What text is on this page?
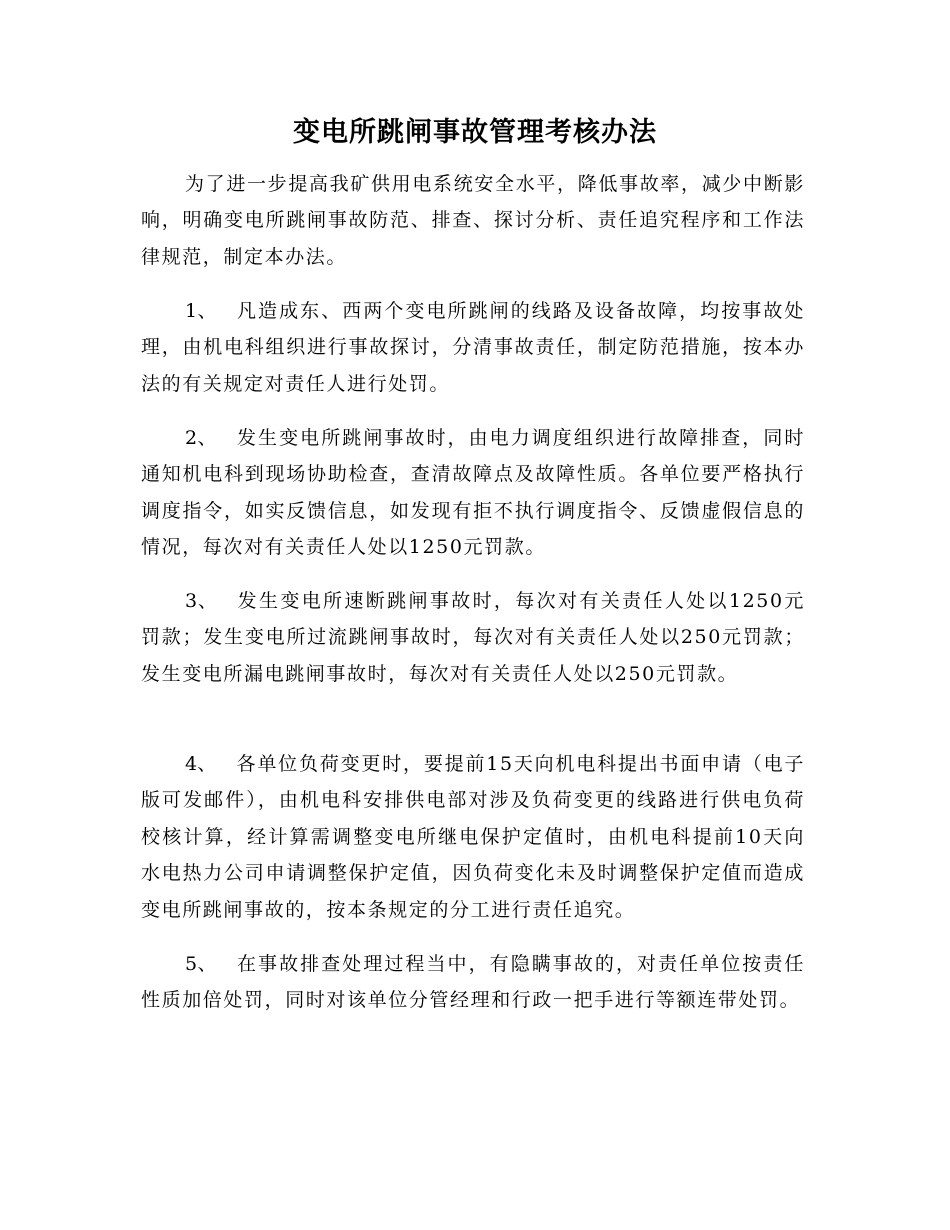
变电所跳闸事故管理考核办法

为了进一步提高我矿供用电系统安全水平，降低事故率，减少中断影响，明确变电所跳闸事故防范、排查、探讨分析、责任追究程序和工作法律规范，制定本办法。

1、 凡造成东、西两个变电所跳闸的线路及设备故障，均按事故处理，由机电科组织进行事故探讨，分清事故责任，制定防范措施，按本办法的有关规定对责任人进行处罚。

2、 发生变电所跳闸事故时，由电力调度组织进行故障排查，同时通知机电科到现场协助检查，查清故障点及故障性质。各单位要严格执行调度指令，如实反馈信息，如发现有拒不执行调度指令、反馈虚假信息的情况，每次对有关责任人处以1250元罚款。

3、 发生变电所速断跳闸事故时，每次对有关责任人处以1250元罚款；发生变电所过流跳闸事故时，每次对有关责任人处以250元罚款；发生变电所漏电跳闸事故时，每次对有关责任人处以250元罚款。

4、 各单位负荷变更时，要提前15天向机电科提出书面申请（电子版可发邮件），由机电科安排供电部对涉及负荷变更的线路进行供电负荷校核计算，经计算需调整变电所继电保护定值时，由机电科提前10天向水电热力公司申请调整保护定值，因负荷变化未及时调整保护定值而造成变电所跳闸事故的，按本条规定的分工进行责任追究。

5、 在事故排查处理过程当中，有隐瞒事故的，对责任单位按责任性质加倍处罚，同时对该单位分管经理和行政一把手进行等额连带处罚。
